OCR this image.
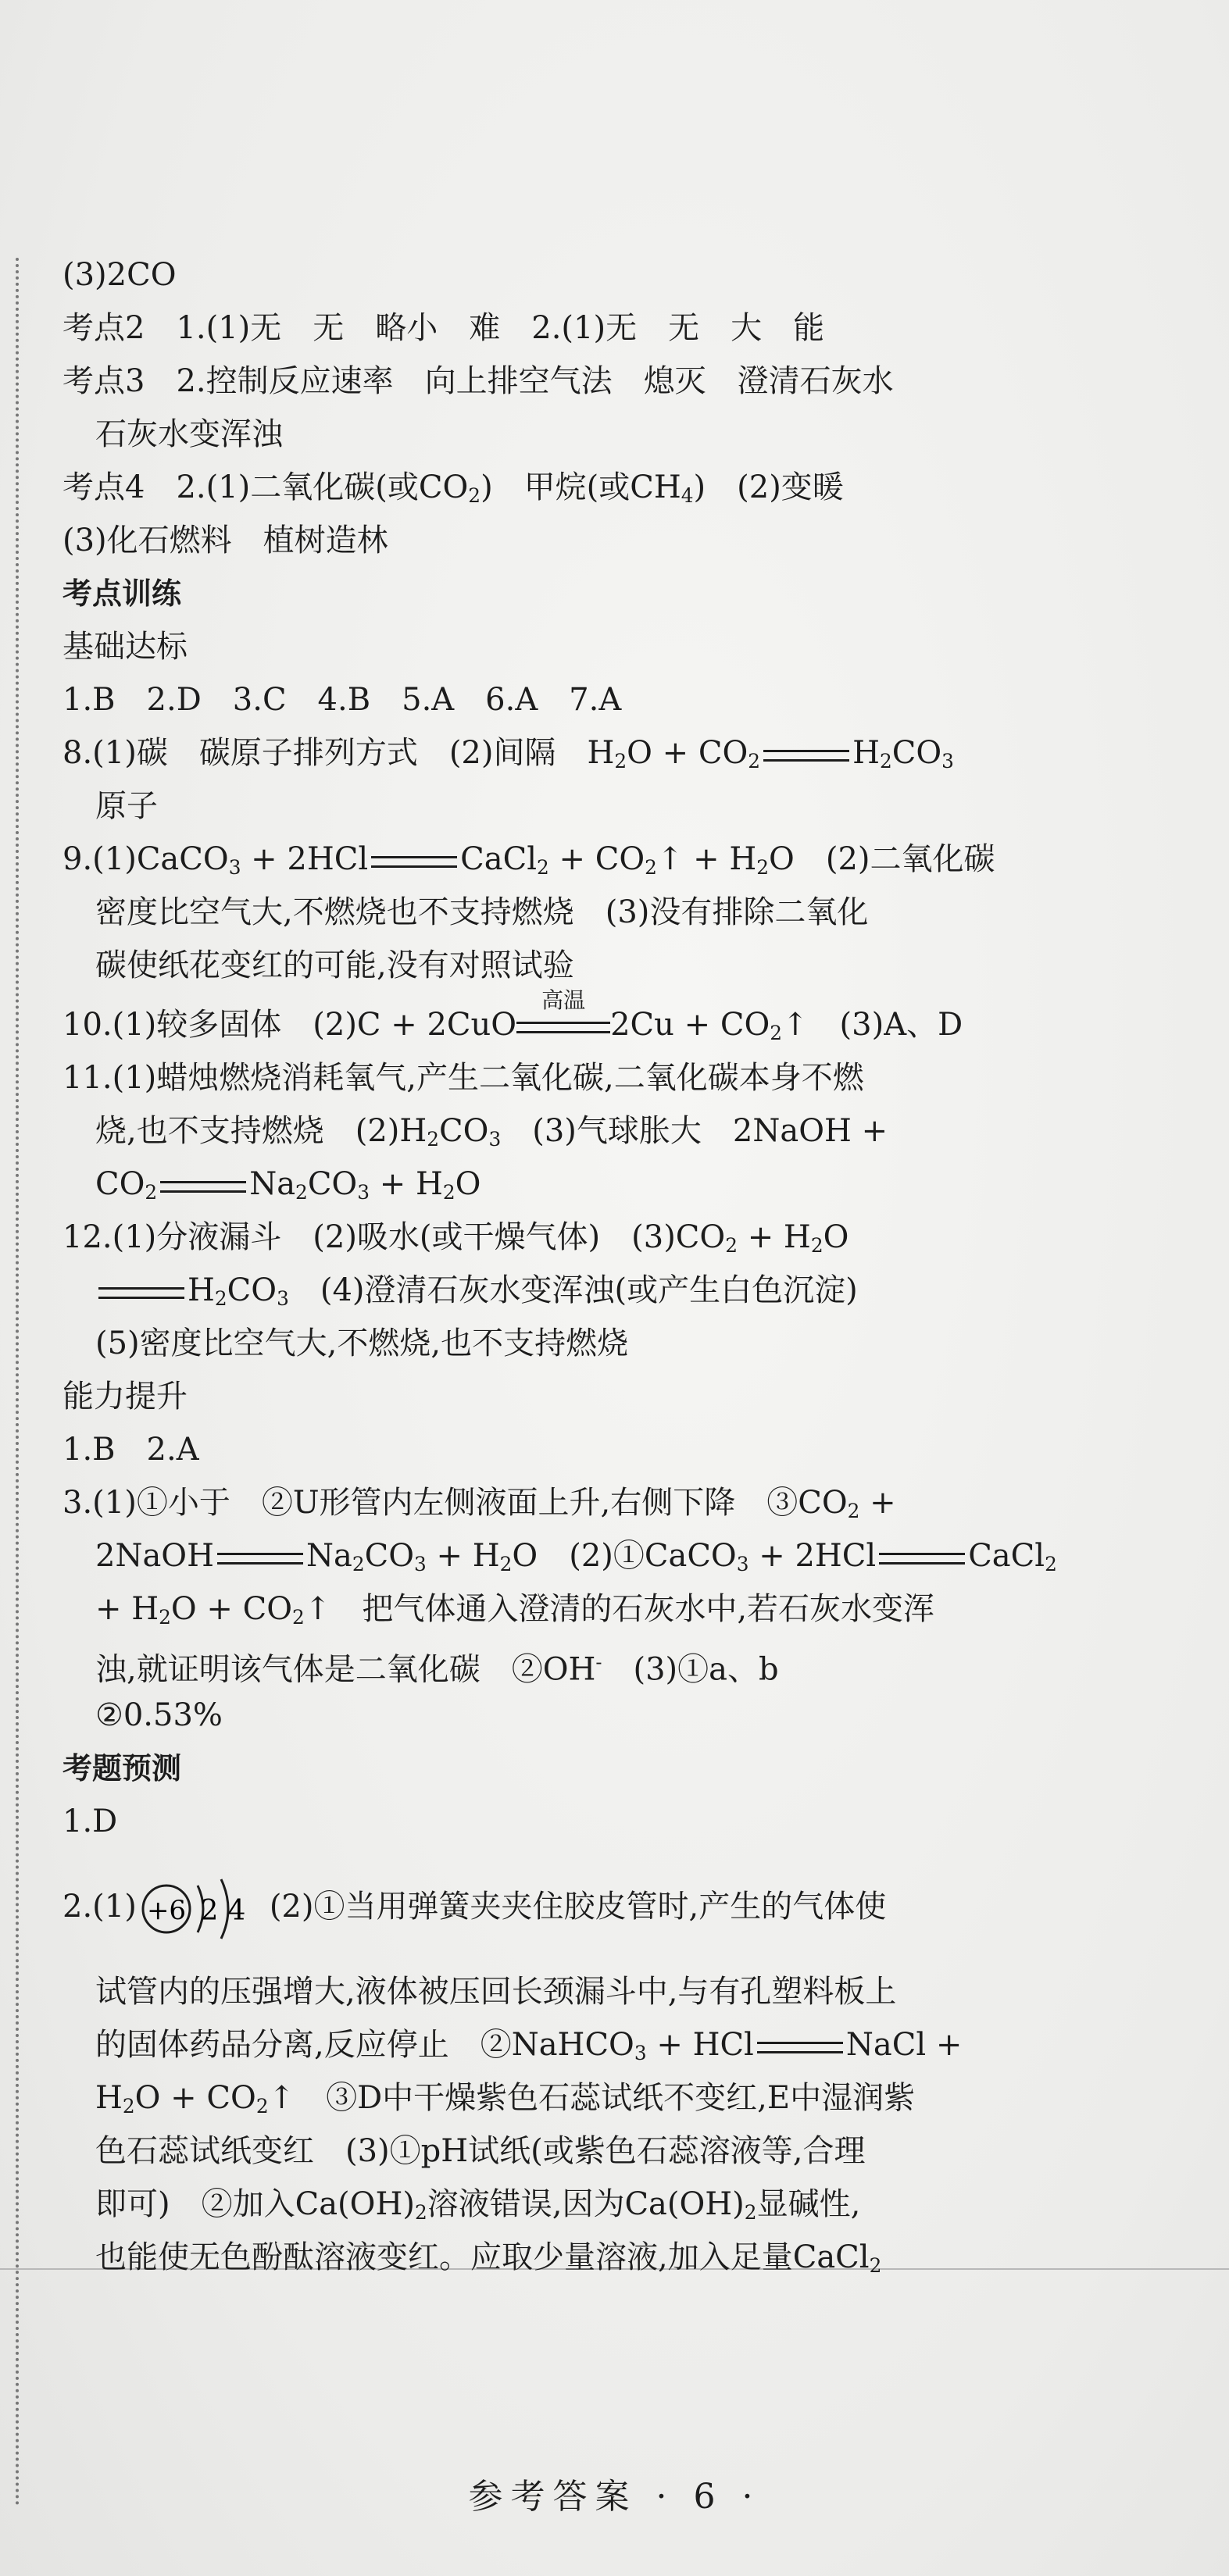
(3)2CO
考点2　1.(1)无　无　略小　难　2.(1)无　无　大　能
考点3　2.控制反应速率　向上排空气法　熄灭　澄清石灰水
石灰水变浑浊
考点4　2.(1)二氧化碳(或$CO_2$)　甲烷(或$CH_4$)　(2)变暖
(3)化石燃料　植树造林
考点训练
基础达标
1.B　2.D　3.C　4.B　5.A　6.A　7.A
8.(1)碳　碳原子排列方式　(2)间隔　$H_2O + CO_2$	$H_2CO_3$
原子
9.(1)CaCO$_3$ + 2HCl	CaCl$_2$ + $CO_2↑ + H_2O$　(2)二氧化碳
密度比空气大,不燃烧也不支持燃烧　(3)没有排除二氧化
碳使纸花变红的可能,没有对照试验
10.(1)较多固体　(2)C + 2CuO
高温
$2Cu + CO_2↑$　(3)A、D
11.(1)蜡烛燃烧消耗氧气,产生二氧化碳,二氧化碳本身不燃
烧,也不支持燃烧　$(2)H_2CO_3$　(3)气球胀大　2NaOH +
$CO_2$	$Na_2CO_3 + H_2O$
12.(1)分液漏斗　(2)吸水(或干燥气体)　$(3)CO_2 + H_2O$
$H_2CO_3$　(4)澄清石灰水变浑浊(或产生白色沉淀)
(5)密度比空气大,不燃烧,也不支持燃烧
能力提升
1.B　2.A
3.(1)①小于　②U形管内左侧液面上升,右侧下降　$③CO_2$ +
2NaOH	$Na_2CO_3 + H_2O$　(2)①CaCO$_3$ + 2HCl	CaCl$_2$
+ $H_2O$ + $CO_2↑$　把气体通入澄清的石灰水中,若石灰水变浑
浊,就证明该气体是二氧化碳　②OH-　(3)①a、b
②0.53%
考题预测
1.D
2.(1) +6 2 4 (2)①当用弹簧夹夹住胶皮管时,产生的气体使
试管内的压强增大,液体被压回长颈漏斗中,与有孔塑料板上
的固体药品分离,反应停止　②NaHCO$_3$ + HCl	NaCl +
$H_2O$ + $CO_2↑$　③D中干燥紫色石蕊试纸不变红,E中湿润紫
色石蕊试纸变红　(3)①pH试纸(或紫色石蕊溶液等,合理
即可)　②加入$Ca(OH)_2$溶液错误,因为$Ca(OH)_2$显碱性,
也能使无色酚酞溶液变红。应取少量溶液,加入足量CaCl$_2$
参考答案 · 6 ·
